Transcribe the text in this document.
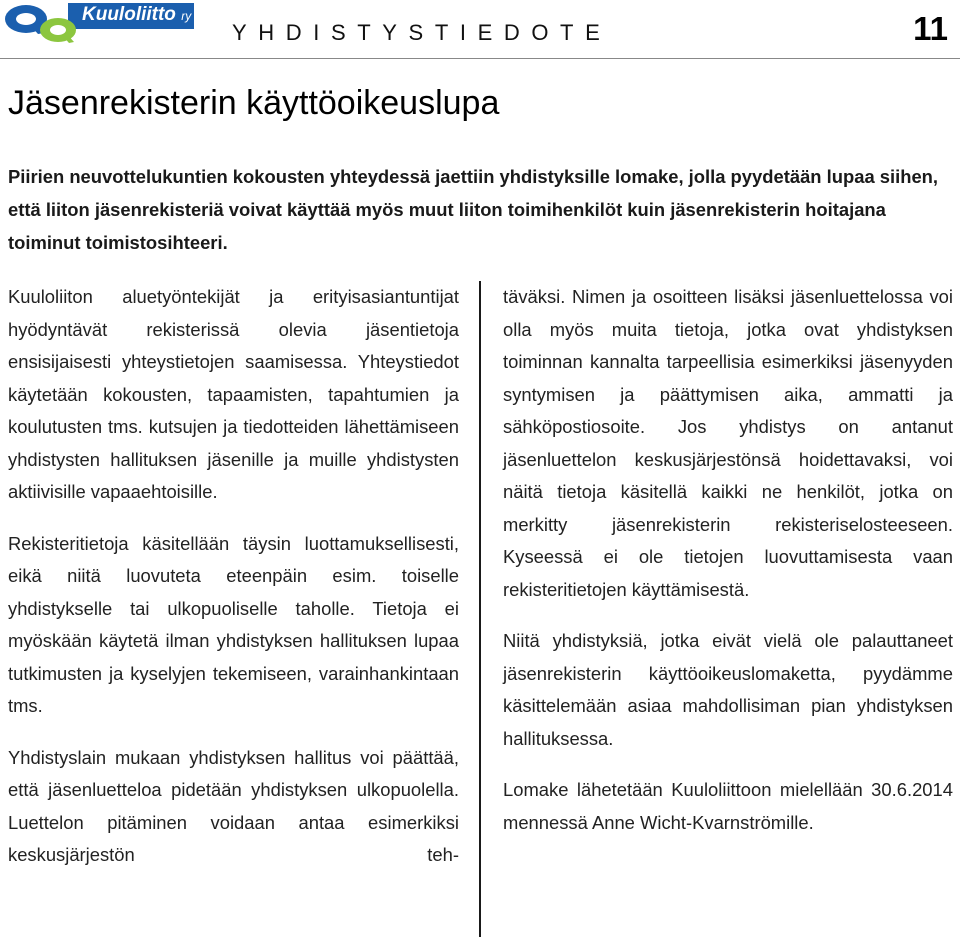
Kuuloliitto ry
YHDISTYSTIEDOTE	11
Jäsenrekisterin käyttöoikeuslupa

Piirien neuvottelukuntien kokousten yhteydessä jaettiin yhdistyksille lomake, jolla pyydetään lupaa siihen, että liiton jäsenrekisteriä voivat käyttää myös muut liiton toimihenkilöt kuin jäsenrekisterin hoitajana toiminut toimistosihteeri.

Kuuloliiton aluetyöntekijät ja erityisasiantuntijat hyödyntävät rekisterissä olevia jäsentietoja ensisijaisesti yhteystietojen saamisessa. Yhteystiedot käytetään kokousten, tapaamisten, tapahtumien ja koulutusten tms. kutsujen ja tiedotteiden lähettämiseen yhdistysten hallituksen jäsenille ja muille yhdistysten aktiivisille vapaaehtoisille.

Rekisteritietoja käsitellään täysin luottamuksellisesti, eikä niitä luovuteta eteenpäin esim. toiselle yhdistykselle tai ulkopuoliselle taholle. Tietoja ei myöskään käytetä ilman yhdistyksen hallituksen lupaa tutkimusten ja kyselyjen tekemiseen, varainhankintaan tms.

Yhdistyslain mukaan yhdistyksen hallitus voi päättää, että jäsenluetteloa pidetään yhdistyksen ulkopuolella. Luettelon pitäminen voidaan antaa esimerkiksi keskusjärjestön teh-

täväksi. Nimen ja osoitteen lisäksi jäsenluettelossa voi olla myös muita tietoja, jotka ovat yhdistyksen toiminnan kannalta tarpeellisia esimerkiksi jäsenyyden syntymisen ja päättymisen aika, ammatti ja sähköpostiosoite. Jos yhdistys on antanut jäsenluettelon keskusjärjestönsä hoidettavaksi, voi näitä tietoja käsitellä kaikki ne henkilöt, jotka on merkitty jäsenrekisterin rekisteriselosteeseen. Kyseessä ei ole tietojen luovuttamisesta vaan rekisteritietojen käyttämisestä.

Niitä yhdistyksiä, jotka eivät vielä ole palauttaneet jäsenrekisterin käyttöoikeuslomaketta, pyydämme käsittelemään asiaa mahdollisiman pian yhdistyksen hallituksessa.

Lomake lähetetään Kuuloliittoon mielellään 30.6.2014 mennessä Anne Wicht-Kvarnströmille.
